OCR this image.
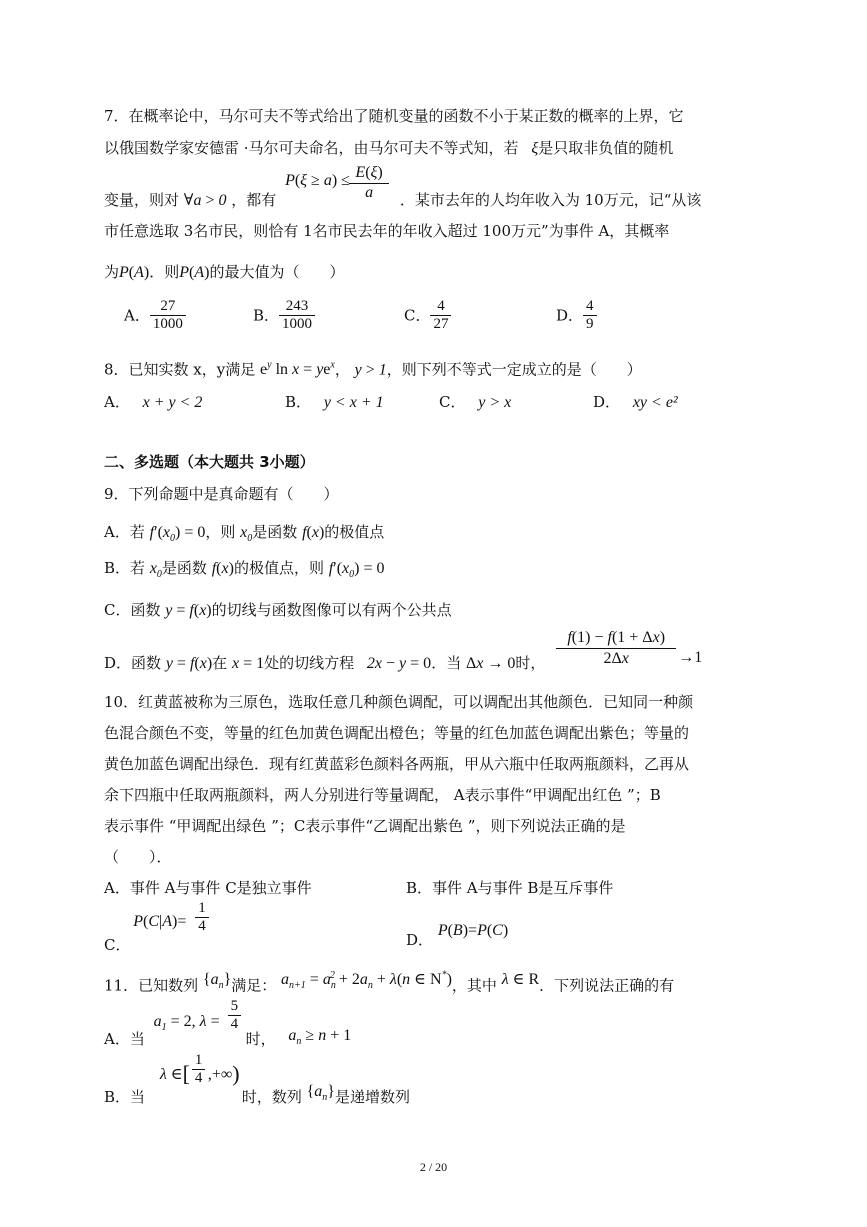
7．在概率论中，马尔可夫不等式给出了随机变量的函数不小于某正数的概率的上界，它
以俄国数学家安德雷 ·马尔可夫命名，由马尔可夫不等式知，若   ξ是只取非负值的随机
变量，则对 ∀a > 0 ，都有
P(ξ ≥ a) ≤ E(ξ)
a	．某市去年的人均年收入为 10万元，记“从该
市任意选取 3名市民，则恰有 1名市民去年的年收入超过 100万元”为事件 A，其概率
为P(A)．则P(A)的最大值为（　　）
A． $\frac{27}{1000}$	B． $\frac{243}{1000}$	C． $\frac{4}{27}$	D． $\frac{4}{9}$
8．已知实数 x，y满足 $e^y$ $\ln x = ye^x$， y > 1，则下列不等式一定成立的是（　　）
A． x + y < 2	B． y < x + 1	C． y > x	D． xy < e²
二、多选题（本大题共 3小题）
9．下列命题中是真命题有（　　）
A．若 $f'(x_0) = 0$，则 $x_0$是函数 f(x)的极值点
B．若 $x_0$是函数 f(x)的极值点，则 $f'(x_0) = 0$
C．函数 y = f(x)的切线与函数图像可以有两个公共点
D．函数 y = f(x)在 x = 1处的切线方程 2x − y = 0．当 Δx → 0时，
f(1) − f(1 + Δx)
2Δx	→1
10．红黄蓝被称为三原色，选取任意几种颜色调配，可以调配出其他颜色．已知同一种颜
色混合颜色不变，等量的红色加黄色调配出橙色；等量的红色加蓝色调配出紫色；等量的
黄色加蓝色调配出绿色．现有红黄蓝彩色颜料各两瓶，甲从六瓶中任取两瓶颜料，乙再从
余下四瓶中任取两瓶颜料，两人分别进行等量调配， A表示事件“甲调配出红色 ”；B
表示事件 “甲调配出绿色 ”；C表示事件“乙调配出紫色 ”，则下列说法正确的是
（　　）．
A．事件 A与事件 C是独立事件	B．事件 A与事件 B是互斥事件
C．
$P(C|A)= \frac{1}{4}$
D． P(B)=P(C)
11．已知数列 $\{a_n\}$满足： $a_{n+1} = a_n^2 + 2a_n + \lambda(n$ ∈ N*)，其中 λ ∈ R．下列说法正确的有
A．当
$a_1 = 2$, $\lambda = \frac{5}{4}$
时， $a_n \ge n + 1$
B．当
λ ∈[ $\frac{1}{4}$ ,+∞)
时，数列 $\{a_n\}$是递增数列
2 / 20
